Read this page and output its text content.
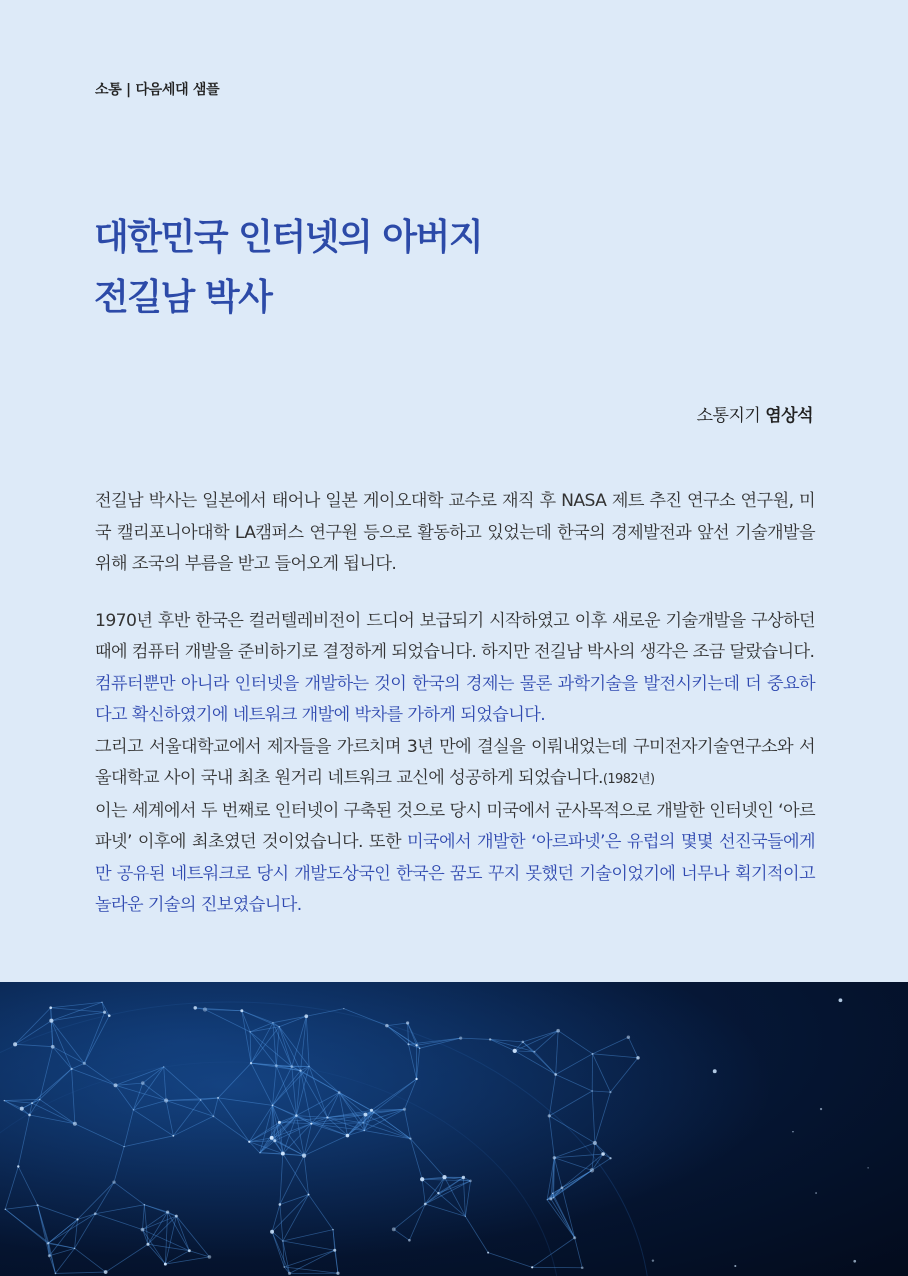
소통 | 다음세대 샘플
대한민국 인터넷의 아버지
전길남 박사
소통지기 염상석

전길남 박사는 일본에서 태어나 일본 게이오대학 교수로 재직 후 NASA 제트 추진 연구소 연구원, 미국 캘리포니아대학 LA캠퍼스 연구원 등으로 활동하고 있었는데 한국의 경제발전과 앞선 기술개발을 위해 조국의 부름을 받고 들어오게 됩니다.

1970년 후반 한국은 컬러텔레비전이 드디어 보급되기 시작하였고 이후 새로운 기술개발을 구상하던 때에 컴퓨터 개발을 준비하기로 결정하게 되었습니다. 하지만 전길남 박사의 생각은 조금 달랐습니다.

컴퓨터뿐만 아니라 인터넷을 개발하는 것이 한국의 경제는 물론 과학기술을 발전시키는데 더 중요하다고 확신하였기에 네트워크 개발에 박차를 가하게 되었습니다.

그리고 서울대학교에서 제자들을 가르치며 3년 만에 결실을 이뤄내었는데 구미전자기술연구소와 서울대학교 사이 국내 최초 원거리 네트워크 교신에 성공하게 되었습니다.(1982년)

이는 세계에서 두 번째로 인터넷이 구축된 것으로 당시 미국에서 군사목적으로 개발한 인터넷인 ‘아르파넷’ 이후에 최초였던 것이었습니다. 또한 미국에서 개발한 ‘아르파넷’은 유럽의 몇몇 선진국들에게만 공유된 네트워크로 당시 개발도상국인 한국은 꿈도 꾸지 못했던 기술이었기에 너무나 획기적이고 놀라운 기술의 진보였습니다.
